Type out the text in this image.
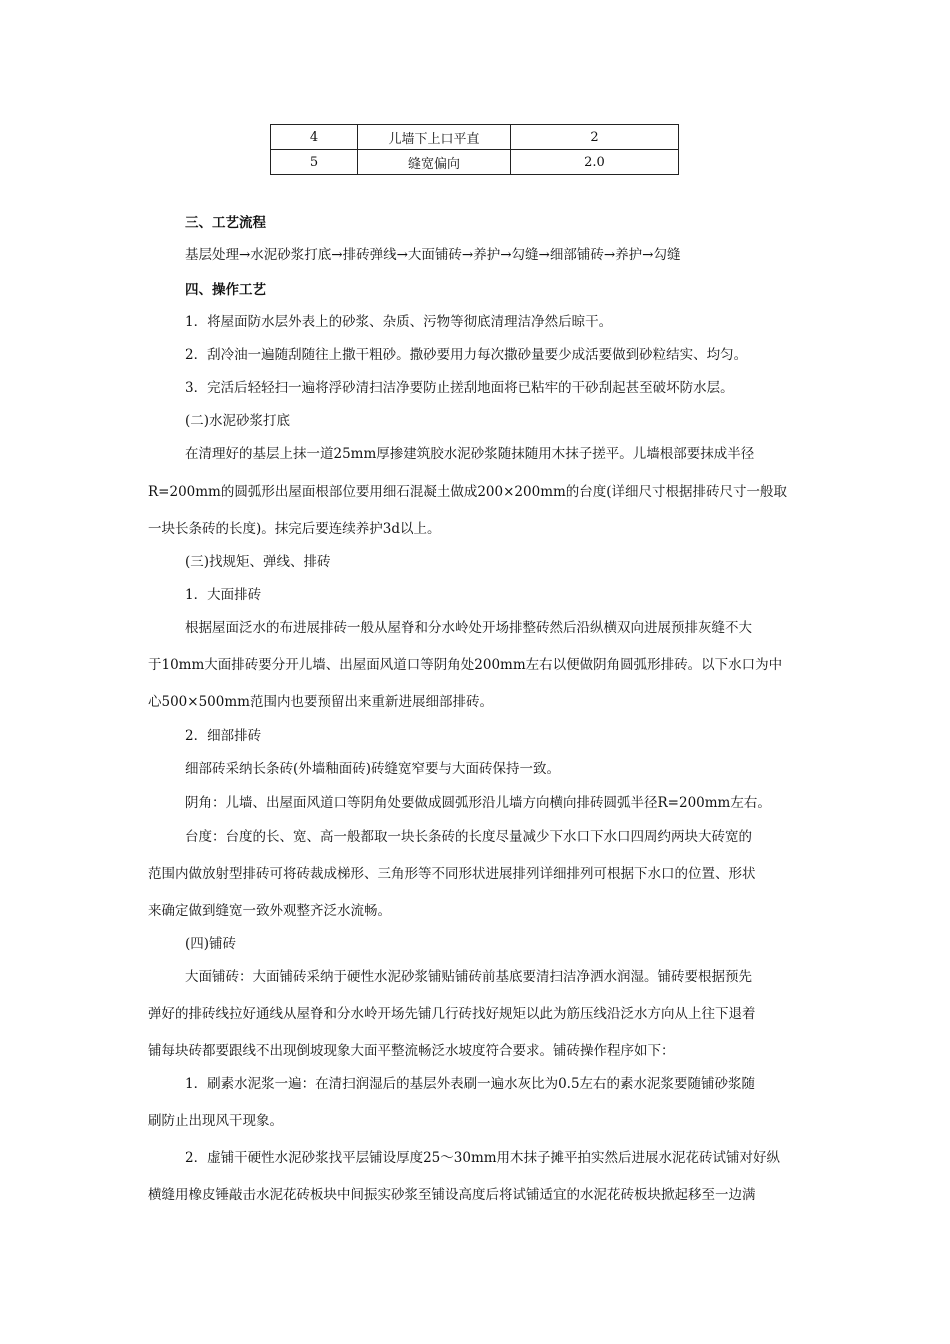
4	儿墙下上口平直	2
5	缝宽偏向	2.0
三、工艺流程
基层处理→水泥砂浆打底→排砖弹线→大面铺砖→养护→勾缝→细部铺砖→养护→勾缝
四、操作工艺
1．将屋面防水层外表上的砂浆、杂质、污物等彻底清理洁净然后晾干。
2．刮冷油一遍随刮随往上撒干粗砂。撒砂要用力每次撒砂量要少成活要做到砂粒结实、均匀。
3．完活后轻轻扫一遍将浮砂清扫洁净要防止搓刮地面将已粘牢的干砂刮起甚至破坏防水层。
(二)水泥砂浆打底
在清理好的基层上抹一道25mm厚掺建筑胶水泥砂浆随抹随用木抹子搓平。儿墙根部要抹成半径
R=200mm的圆弧形出屋面根部位要用细石混凝土做成200×200mm的台度(详细尺寸根据排砖尺寸一般取
一块长条砖的长度)。抹完后要连续养护3d以上。
(三)找规矩、弹线、排砖
1．大面排砖
根据屋面泛水的布进展排砖一般从屋脊和分水岭处开场排整砖然后沿纵横双向进展预排灰缝不大
于10mm大面排砖要分开儿墙、出屋面风道口等阴角处200mm左右以便做阴角圆弧形排砖。以下水口为中
心500×500mm范围内也要预留出来重新进展细部排砖。
2．细部排砖
细部砖采纳长条砖(外墙釉面砖)砖缝宽窄要与大面砖保持一致。
阴角：儿墙、出屋面风道口等阴角处要做成圆弧形沿儿墙方向横向排砖圆弧半径R=200mm左右。
台度：台度的长、宽、高一般都取一块长条砖的长度尽量减少下水口下水口四周约两块大砖宽的
范围内做放射型排砖可将砖裁成梯形、三角形等不同形状进展排列详细排列可根据下水口的位置、形状
来确定做到缝宽一致外观整齐泛水流畅。
(四)铺砖
大面铺砖：大面铺砖采纳于硬性水泥砂浆铺贴铺砖前基底要清扫洁净洒水润湿。铺砖要根据预先
弹好的排砖线拉好通线从屋脊和分水岭开场先铺几行砖找好规矩以此为筋压线沿泛水方向从上往下退着
铺每块砖都要跟线不出现倒坡现象大面平整流畅泛水坡度符合要求。铺砖操作程序如下：
1．刷素水泥浆一遍：在清扫润湿后的基层外表刷一遍水灰比为0.5左右的素水泥浆要随铺砂浆随
刷防止出现风干现象。
2．虚铺干硬性水泥砂浆找平层铺设厚度25～30mm用木抹子摊平拍实然后进展水泥花砖试铺对好纵
横缝用橡皮锤敲击水泥花砖板块中间振实砂浆至铺设高度后将试铺适宜的水泥花砖板块掀起移至一边满
